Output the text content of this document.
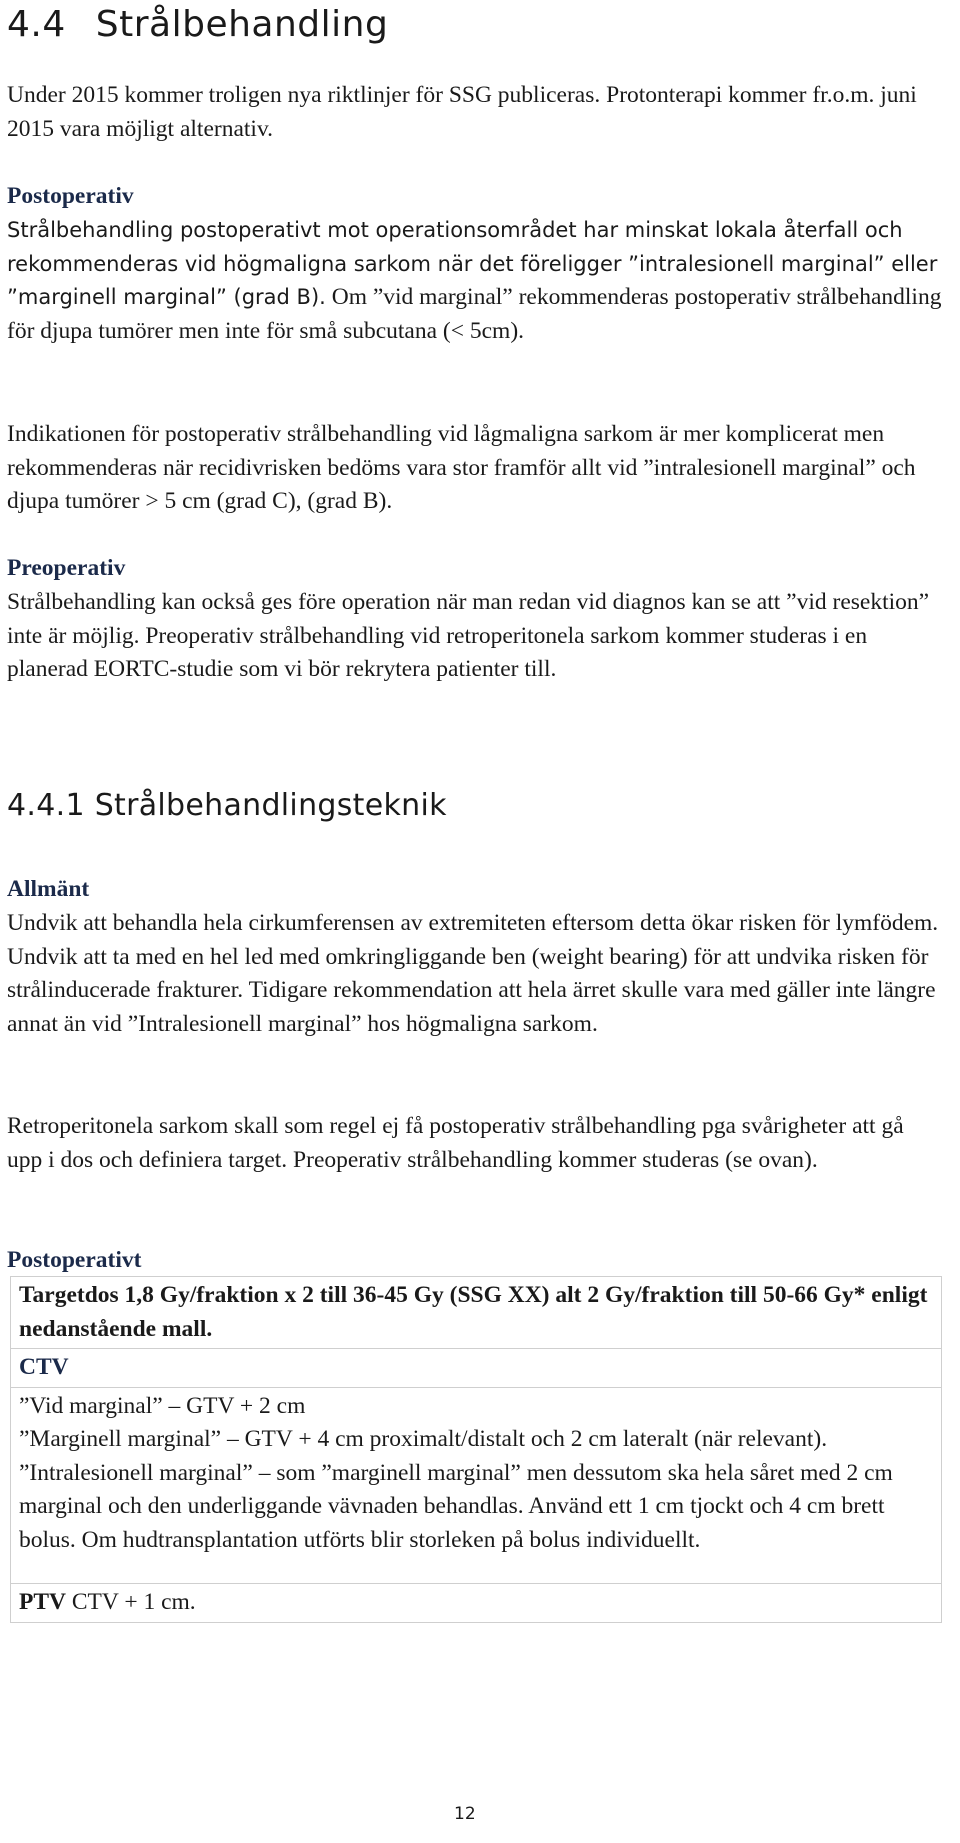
4.4 Strålbehandling

Under 2015 kommer troligen nya riktlinjer för SSG publiceras. Protonterapi kommer fr.o.m. juni 2015 vara möjligt alternativ.

Postoperativ

Strålbehandling postoperativt mot operationsområdet har minskat lokala återfall och rekommenderas vid högmaligna sarkom när det föreligger ”intralesionell marginal” eller ”marginell marginal” (grad B). Om ”vid marginal” rekommenderas postoperativ strålbehandling för djupa tumörer men inte för små subcutana (< 5cm).

Indikationen för postoperativ strålbehandling vid lågmaligna sarkom är mer komplicerat men rekommenderas när recidivrisken bedöms vara stor framför allt vid ”intralesionell marginal” och djupa tumörer > 5 cm (grad C), (grad B).

Preoperativ

Strålbehandling kan också ges före operation när man redan vid diagnos kan se att ”vid resektion” inte är möjlig. Preoperativ strålbehandling vid retroperitonela sarkom kommer studeras i en planerad EORTC-studie som vi bör rekrytera patienter till.

4.4.1 Strålbehandlingsteknik

Allmänt

Undvik att behandla hela cirkumferensen av extremiteten eftersom detta ökar risken för lymfödem. Undvik att ta med en hel led med omkringliggande ben (weight bearing) för att undvika risken för strålinducerade frakturer. Tidigare rekommendation att hela ärret skulle vara med gäller inte längre annat än vid ”Intralesionell marginal” hos högmaligna sarkom.

Retroperitonela sarkom skall som regel ej få postoperativ strålbehandling pga svårigheter att gå upp i dos och definiera target. Preoperativ strålbehandling kommer studeras (se ovan).

Postoperativt

Targetdos 1,8 Gy/fraktion x 2 till 36-45 Gy (SSG XX) alt 2 Gy/fraktion till 50-66 Gy* enligt nedanstående mall.
CTV

”Vid marginal” – GTV + 2 cm
”Marginell marginal” – GTV + 4 cm proximalt/distalt och 2 cm lateralt (när relevant).
”Intralesionell marginal” – som ”marginell marginal” men dessutom ska hela såret med 2 cm marginal och den underliggande vävnaden behandlas. Använd ett 1 cm tjockt och 4 cm brett bolus. Om hudtransplantation utförts blir storleken på bolus individuellt.

PTV CTV + 1 cm.
12
